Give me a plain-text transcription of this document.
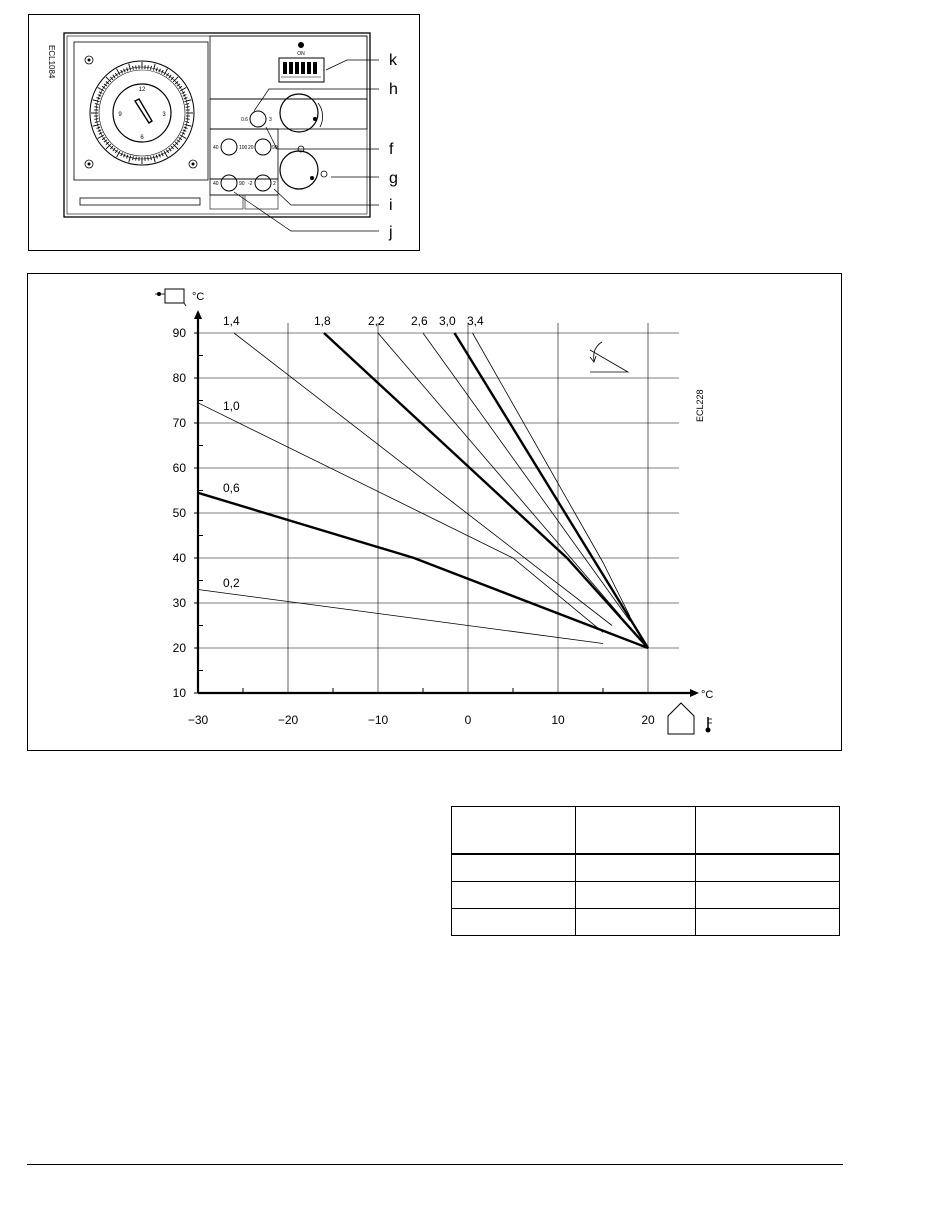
ECL1084
12
3
6
9
ON
0.6	3
40	100 20	90
40	90 -2	2
k
h
f
g
i
j
10
20
30
40
50
60
70
80
90
−30	−20	−10	0	10	20
1,4	1,8	2,2 2,6 3,0 3,4
1,0
0,6
0,2
°C
°C
ECL228
